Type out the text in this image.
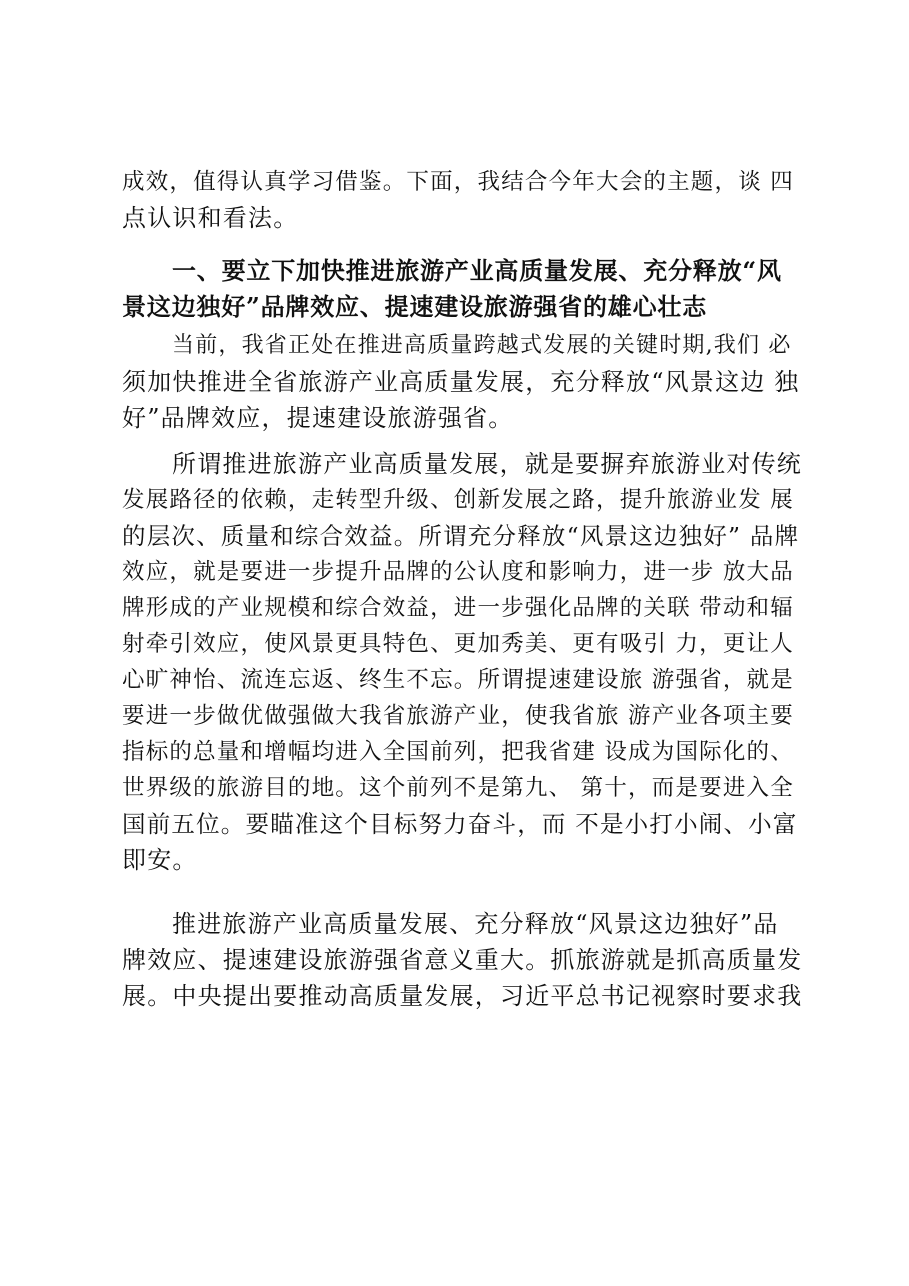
成效，值得认真学习借鉴。下面，我结合今年大会的主题，谈 四
点认识和看法。
一、要立下加快推进旅游产业高质量发展、充分释放“风
景这边独好”品牌效应、提速建设旅游强省的雄心壮志
当前，我省正处在推进高质量跨越式发展的关键时期,我们 必
须加快推进全省旅游产业高质量发展，充分释放“风景这边 独
好”品牌效应，提速建设旅游强省。
所谓推进旅游产业高质量发展，就是要摒弃旅游业对传统
发展路径的依赖，走转型升级、创新发展之路，提升旅游业发 展
的层次、质量和综合效益。所谓充分释放“风景这边独好” 品牌
效应，就是要进一步提升品牌的公认度和影响力，进一步 放大品
牌形成的产业规模和综合效益，进一步强化品牌的关联 带动和辐
射牵引效应，使风景更具特色、更加秀美、更有吸引 力，更让人
心旷神怡、流连忘返、终生不忘。所谓提速建设旅 游强省，就是
要进一步做优做强做大我省旅游产业，使我省旅 游产业各项主要
指标的总量和增幅均进入全国前列，把我省建 设成为国际化的、
世界级的旅游目的地。这个前列不是第九、 第十，而是要进入全
国前五位。要瞄准这个目标努力奋斗，而 不是小打小闹、小富
即安。
推进旅游产业高质量发展、充分释放“风景这边独好”品
牌效应、提速建设旅游强省意义重大。抓旅游就是抓高质量发
展。中央提出要推动高质量发展，习近平总书记视察时要求我
